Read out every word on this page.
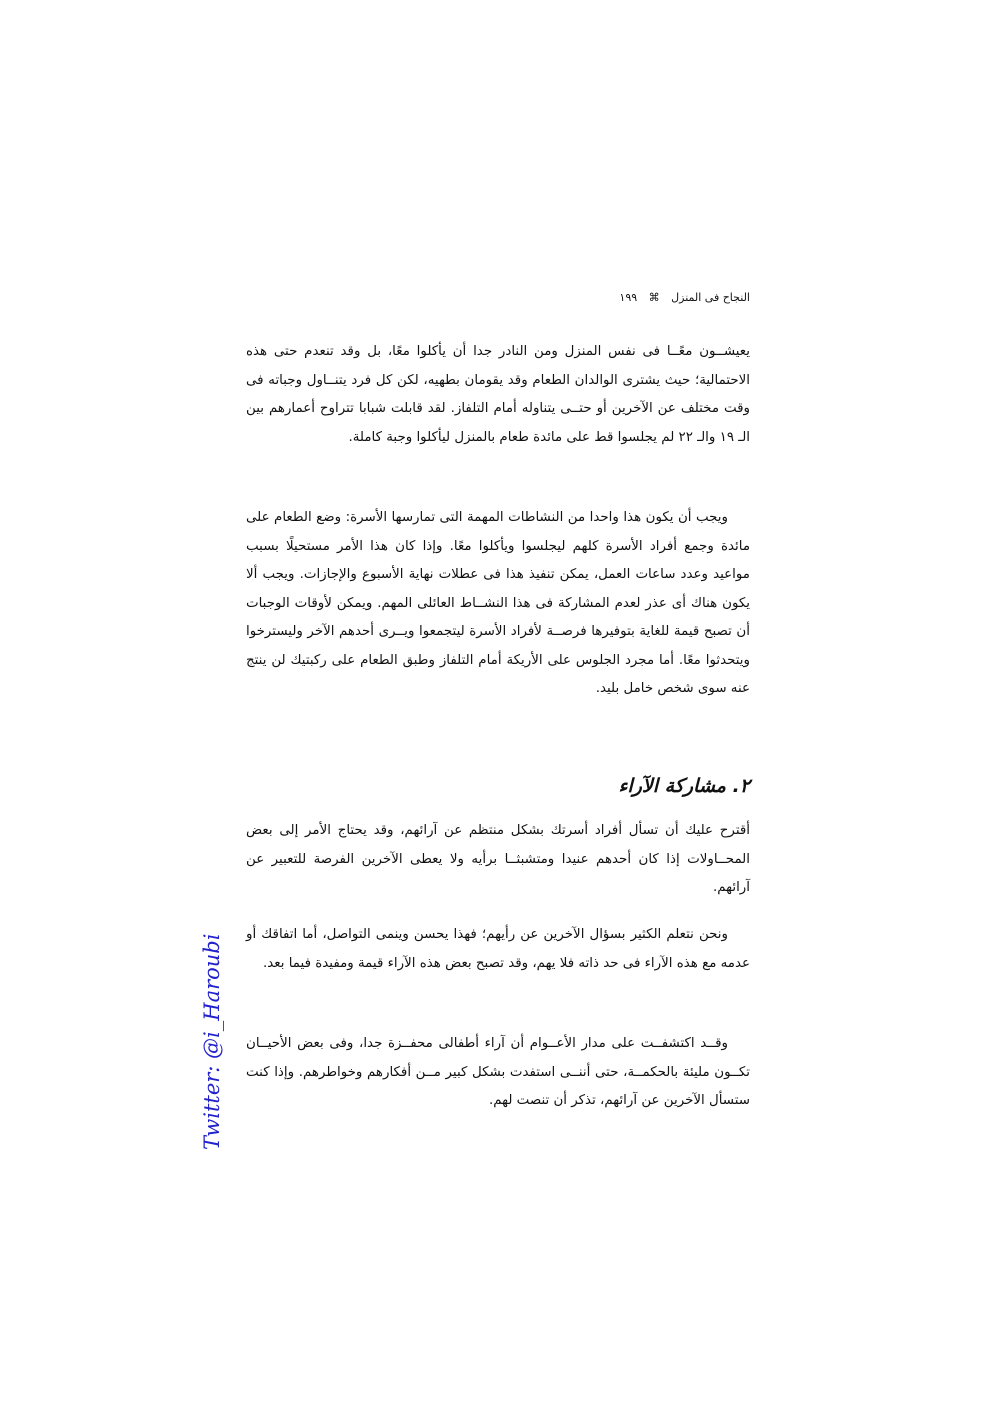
النجاح فى المنزل ⌘ ١٩٩

يعيشــون معًــا فى نفس المنزل ومن النادر جدا أن يأكلوا معًا، بل وقد تنعدم حتى هذه الاحتمالية؛ حيث يشترى الوالدان الطعام وقد يقومان بطهيه، لكن كل فرد يتنــاول وجباته فى وقت مختلف عن الآخرين أو حتــى يتناوله أمام التلفاز. لقد قابلت شبابا تتراوح أعمارهم بين الـ ١٩ والـ ٢٢ لم يجلسوا قط على مائدة طعام بالمنزل ليأكلوا وجبة كاملة.

ويجب أن يكون هذا واحدا من النشاطات المهمة التى تمارسها الأسرة: وضع الطعام على مائدة وجمع أفراد الأسرة كلهم ليجلسوا ويأكلوا معًا. وإذا كان هذا الأمر مستحيلًا بسبب مواعيد وعدد ساعات العمل، يمكن تنفيذ هذا فى عطلات نهاية الأسبوع والإجازات. ويجب ألا يكون هناك أى عذر لعدم المشاركة فى هذا النشــاط العائلى المهم. ويمكن لأوقات الوجبات أن تصبح قيمة للغاية بتوفيرها فرصــة لأفراد الأسرة ليتجمعوا ويــرى أحدهم الآخر وليسترخوا ويتحدثوا معًا. أما مجرد الجلوس على الأريكة أمام التلفاز وطبق الطعام على ركبتيك لن ينتج عنه سوى شخص خامل بليد.

٢. مشاركة الآراء

أقترح عليك أن تسأل أفراد أسرتك بشكل منتظم عن آرائهم، وقد يحتاج الأمر إلى بعض المحــاولات إذا كان أحدهم عنيدا ومتشبثــا برأيه ولا يعطى الآخرين الفرصة للتعبير عن آرائهم.

ونحن نتعلم الكثير بسؤال الآخرين عن رأيهم؛ فهذا يحسن وينمى التواصل، أما اتفاقك أو عدمه مع هذه الآراء فى حد ذاته فلا يهم، وقد تصبح بعض هذه الآراء قيمة ومفيدة فيما بعد.

وقــد اكتشفــت على مدار الأعــوام أن آراء أطفالى محفــزة جدا، وفى بعض الأحيــان تكــون مليئة بالحكمــة، حتى أننــى استفدت بشكل كبير مــن أفكارهم وخواطرهم. وإذا كنت ستسأل الآخرين عن آرائهم، تذكر أن تنصت لهم.

Twitter: @i_Haroubi
